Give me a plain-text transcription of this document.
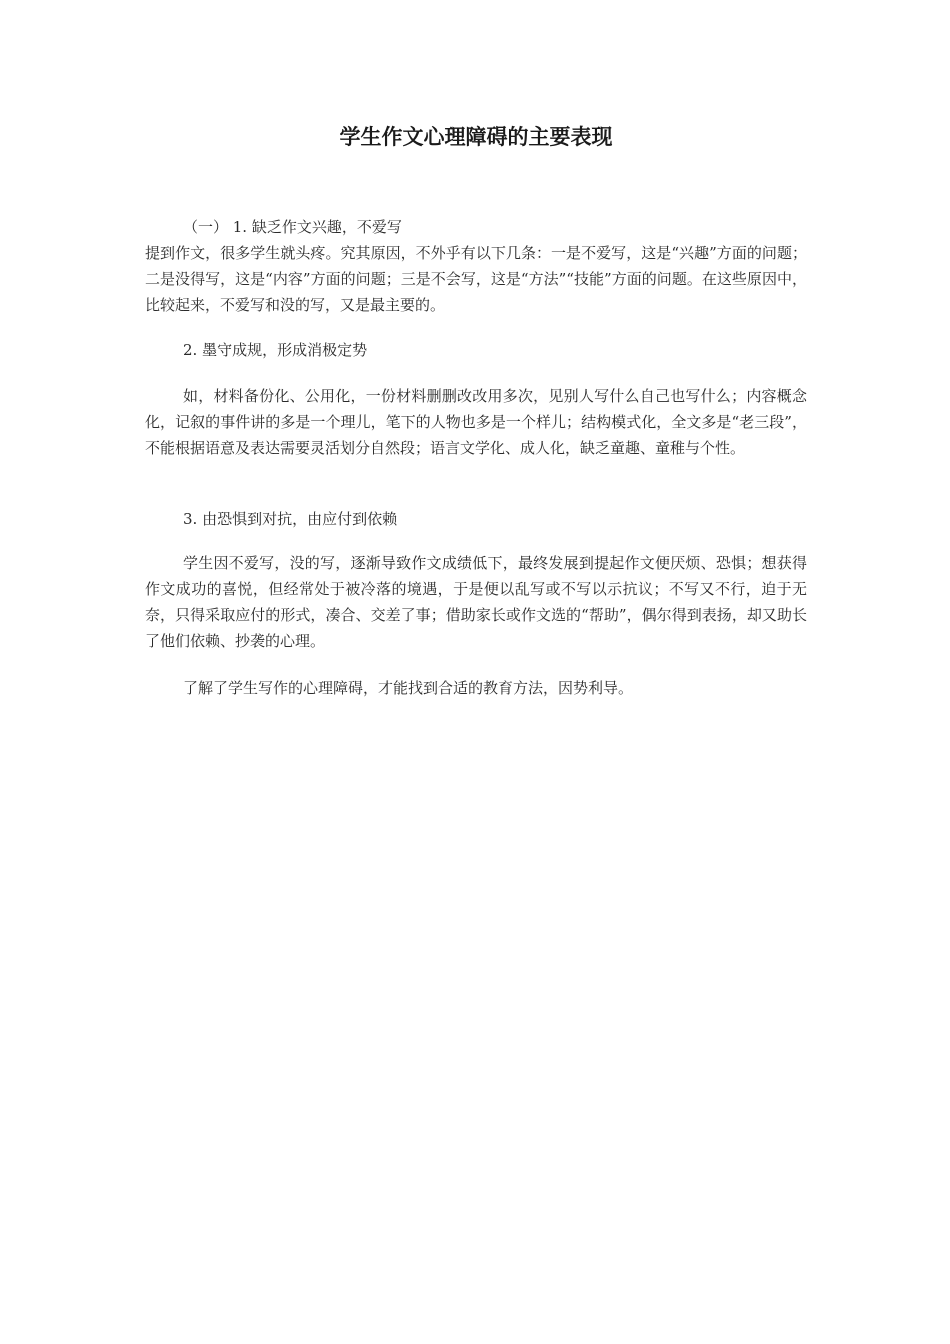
学生作文心理障碍的主要表现

（一） 1. 缺乏作文兴趣，不爱写

提到作文，很多学生就头疼。究其原因，不外乎有以下几条：一是不爱写，这是“兴趣”方面的问题；二是没得写，这是“内容”方面的问题；三是不会写，这是“方法”“技能”方面的问题。在这些原因中，比较起来，不爱写和没的写，又是最主要的。

2. 墨守成规，形成消极定势

如，材料备份化、公用化，一份材料删删改改用多次，见别人写什么自己也写什么；内容概念化，记叙的事件讲的多是一个理儿，笔下的人物也多是一个样儿；结构模式化，全文多是“老三段”，不能根据语意及表达需要灵活划分自然段；语言文学化、成人化，缺乏童趣、童稚与个性。

3. 由恐惧到对抗，由应付到依赖

学生因不爱写，没的写，逐渐导致作文成绩低下，最终发展到提起作文便厌烦、恐惧；想获得作文成功的喜悦，但经常处于被冷落的境遇，于是便以乱写或不写以示抗议；不写又不行，迫于无奈，只得采取应付的形式，凑合、交差了事；借助家长或作文选的“帮助”，偶尔得到表扬，却又助长了他们依赖、抄袭的心理。

了解了学生写作的心理障碍，才能找到合适的教育方法，因势利导。
